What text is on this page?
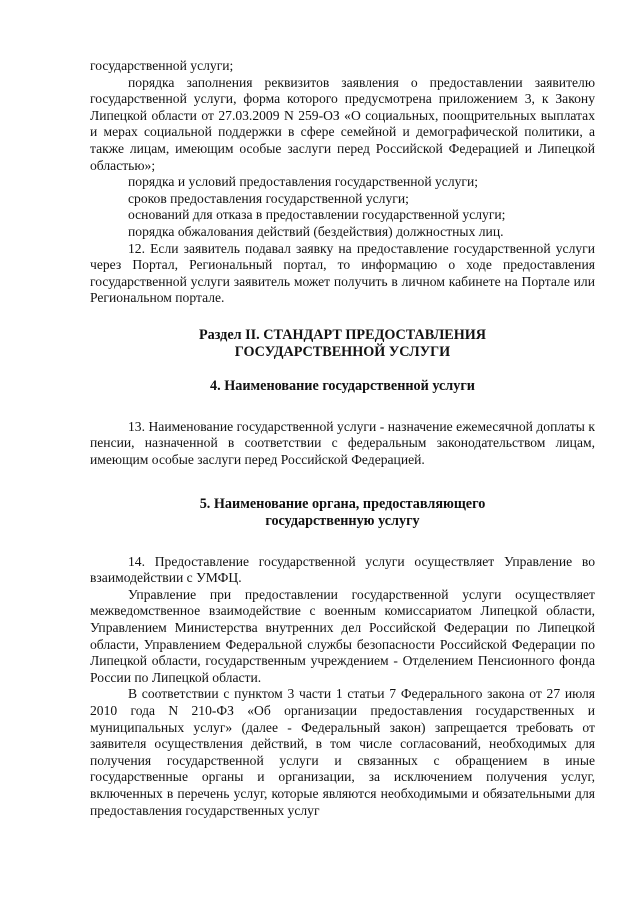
государственной услуги;

порядка заполнения реквизитов заявления о предоставлении заявителю государственной услуги, форма которого предусмотрена приложением 3, к Закону Липецкой области от 27.03.2009 N 259-ОЗ «О социальных, поощрительных выплатах и мерах социальной поддержки в сфере семейной и демографической политики, а также лицам, имеющим особые заслуги перед Российской Федерацией и Липецкой областью»;

порядка и условий предоставления государственной услуги;

сроков предоставления государственной услуги;

оснований для отказа в предоставлении государственной услуги;

порядка обжалования действий (бездействия) должностных лиц.

12. Если заявитель подавал заявку на предоставление государственной услуги через Портал, Региональный портал, то информацию о ходе предоставления государственной услуги заявитель может получить в личном кабинете на Портале или Региональном портале.

Раздел II. СТАНДАРТ ПРЕДОСТАВЛЕНИЯ

ГОСУДАРСТВЕННОЙ УСЛУГИ

4. Наименование государственной услуги

13. Наименование государственной услуги - назначение ежемесячной доплаты к пенсии, назначенной в соответствии с федеральным законодательством лицам, имеющим особые заслуги перед Российской Федерацией.

5. Наименование органа, предоставляющего

государственную услугу

14. Предоставление государственной услуги осуществляет Управление во взаимодействии с УМФЦ.

Управление при предоставлении государственной услуги осуществляет межведомственное взаимодействие с военным комиссариатом Липецкой области, Управлением Министерства внутренних дел Российской Федерации по Липецкой области, Управлением Федеральной службы безопасности Российской Федерации по Липецкой области, государственным учреждением - Отделением Пенсионного фонда России по Липецкой области.

В соответствии с пунктом 3 части 1 статьи 7 Федерального закона от 27 июля 2010 года N 210-ФЗ «Об организации предоставления государственных и муниципальных услуг» (далее - Федеральный закон) запрещается требовать от заявителя осуществления действий, в том числе согласований, необходимых для получения государственной услуги и связанных с обращением в иные государственные органы и организации, за исключением получения услуг, включенных в перечень услуг, которые являются необходимыми и обязательными для предоставления государственных услуг
